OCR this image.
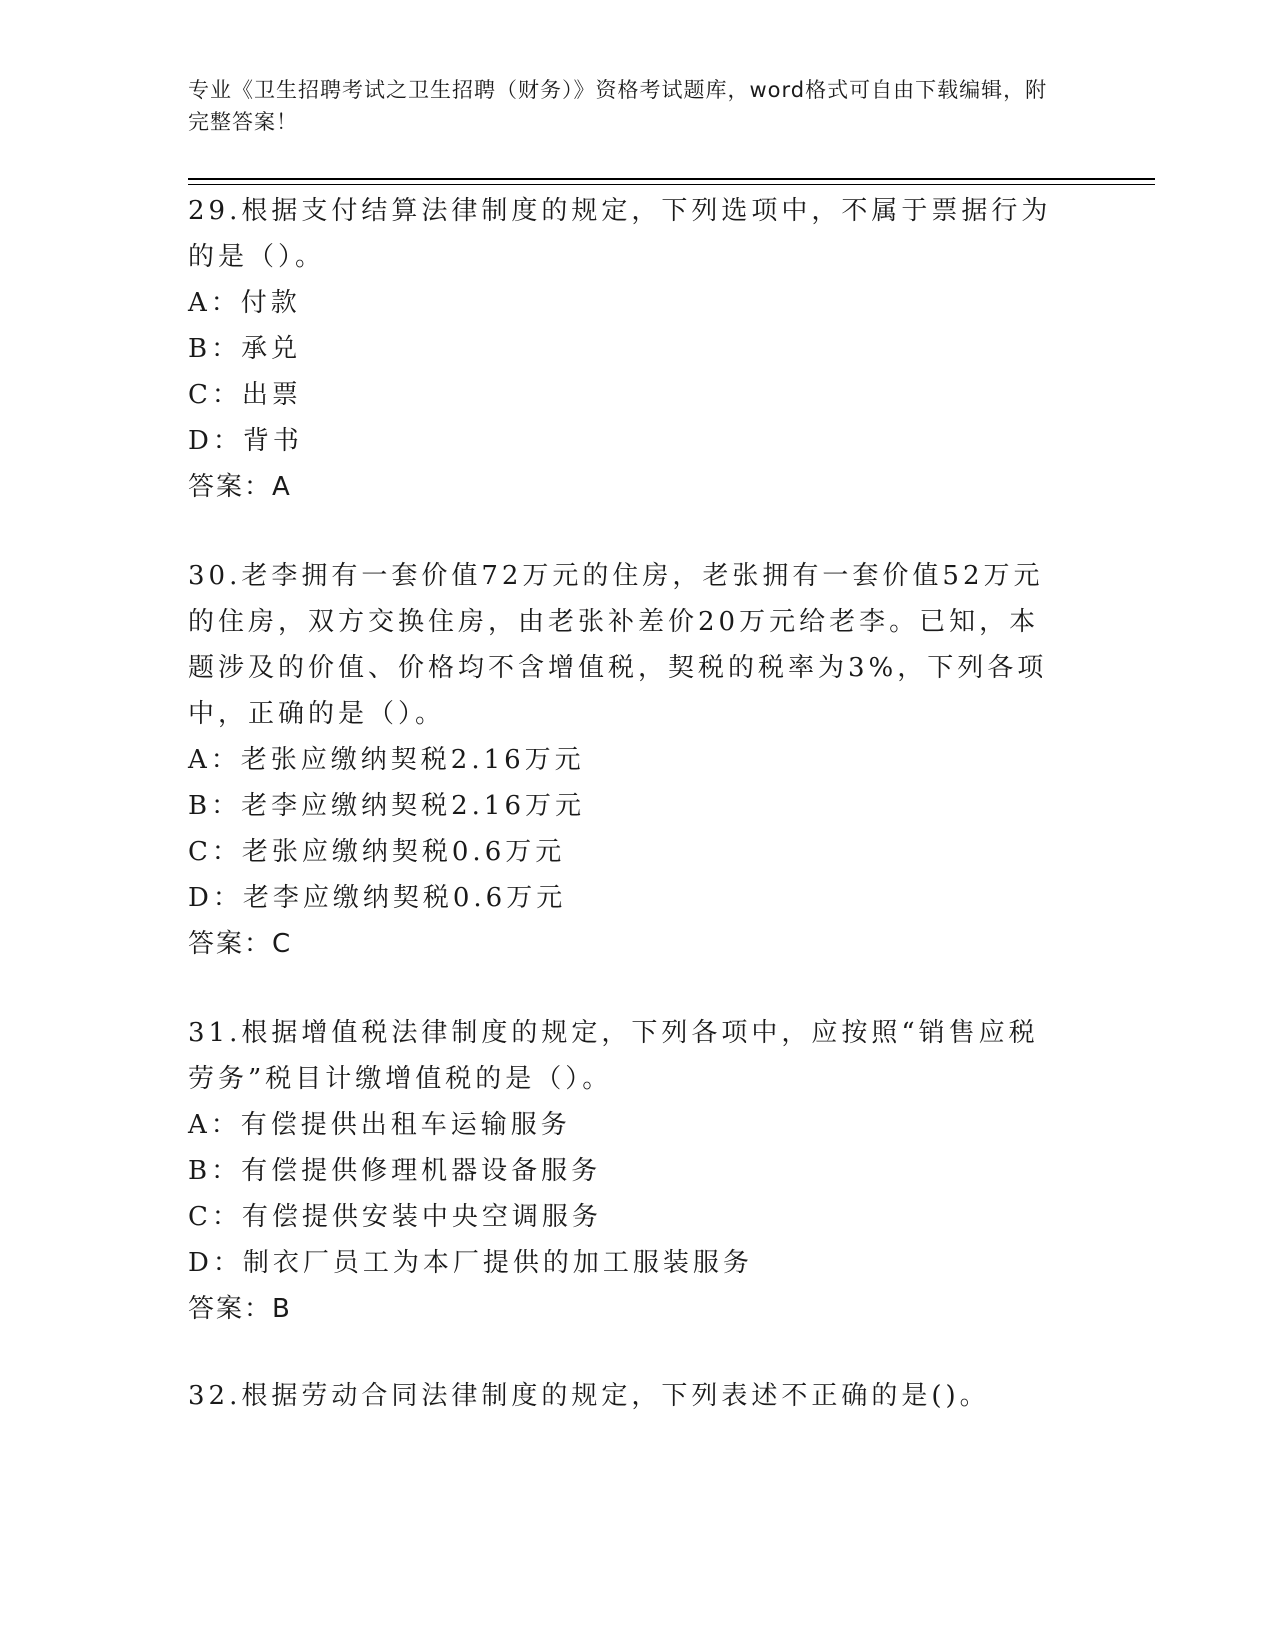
专业《卫生招聘考试之卫生招聘（财务）》资格考试题库，word格式可自由下载编辑，附完整答案！

29.根据支付结算法律制度的规定，下列选项中，不属于票据行为的是（）。

A：付款

B：承兑

C：出票

D：背书

答案：A

30.老李拥有一套价值72万元的住房，老张拥有一套价值52万元的住房，双方交换住房，由老张补差价20万元给老李。已知，本题涉及的价值、价格均不含增值税，契税的税率为3%，下列各项中，正确的是（）。

A：老张应缴纳契税2.16万元

B：老李应缴纳契税2.16万元

C：老张应缴纳契税0.6万元

D：老李应缴纳契税0.6万元

答案：C

31.根据增值税法律制度的规定，下列各项中，应按照“销售应税劳务”税目计缴增值税的是（）。

A：有偿提供出租车运输服务

B：有偿提供修理机器设备服务

C：有偿提供安装中央空调服务

D：制衣厂员工为本厂提供的加工服装服务

答案：B

32.根据劳动合同法律制度的规定，下列表述不正确的是()。
